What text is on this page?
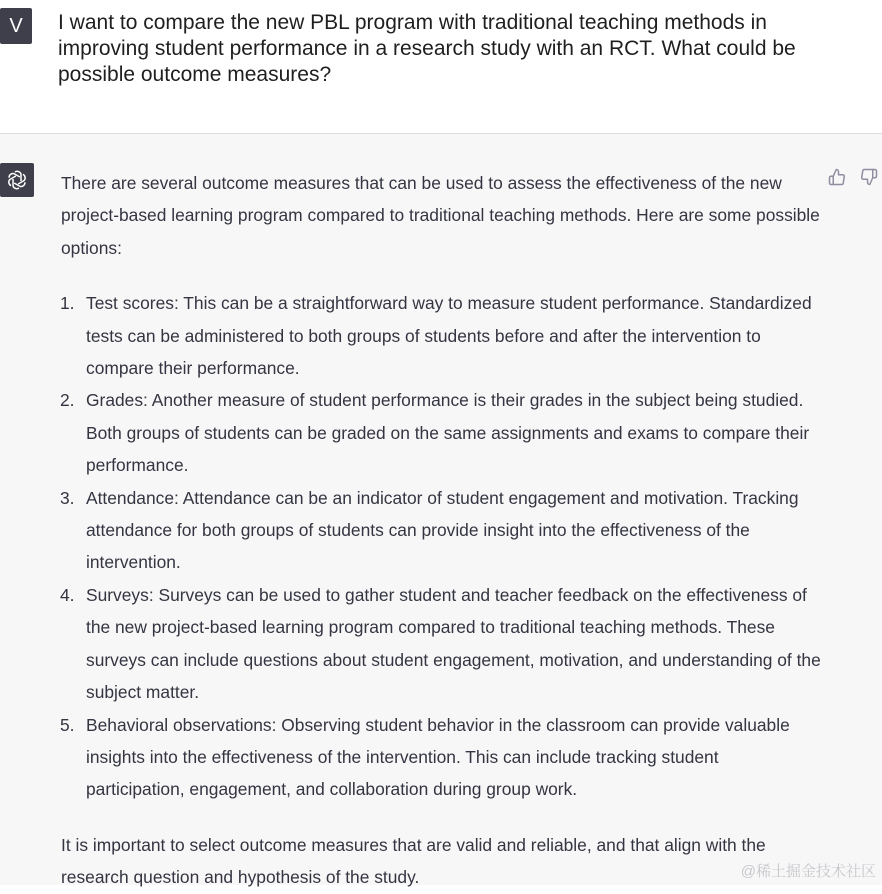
V	I want to compare the new PBL program with traditional teaching methods in improving student performance in a research study with an RCT. What could be possible outcome measures?

There are several outcome measures that can be used to assess the effectiveness of the new project-based learning program compared to traditional teaching methods. Here are some possible options:

1. Test scores: This can be a straightforward way to measure student performance. Standardized tests can be administered to both groups of students before and after the intervention to compare their performance.
2. Grades: Another measure of student performance is their grades in the subject being studied. Both groups of students can be graded on the same assignments and exams to compare their performance.
3. Attendance: Attendance can be an indicator of student engagement and motivation. Tracking attendance for both groups of students can provide insight into the effectiveness of the intervention.
4. Surveys: Surveys can be used to gather student and teacher feedback on the effectiveness of the new project-based learning program compared to traditional teaching methods. These surveys can include questions about student engagement, motivation, and understanding of the subject matter.
5. Behavioral observations: Observing student behavior in the classroom can provide valuable insights into the effectiveness of the intervention. This can include tracking student participation, engagement, and collaboration during group work.

It is important to select outcome measures that are valid and reliable, and that align with the research question and hypothesis of the study.	@稀土掘金技术社区
